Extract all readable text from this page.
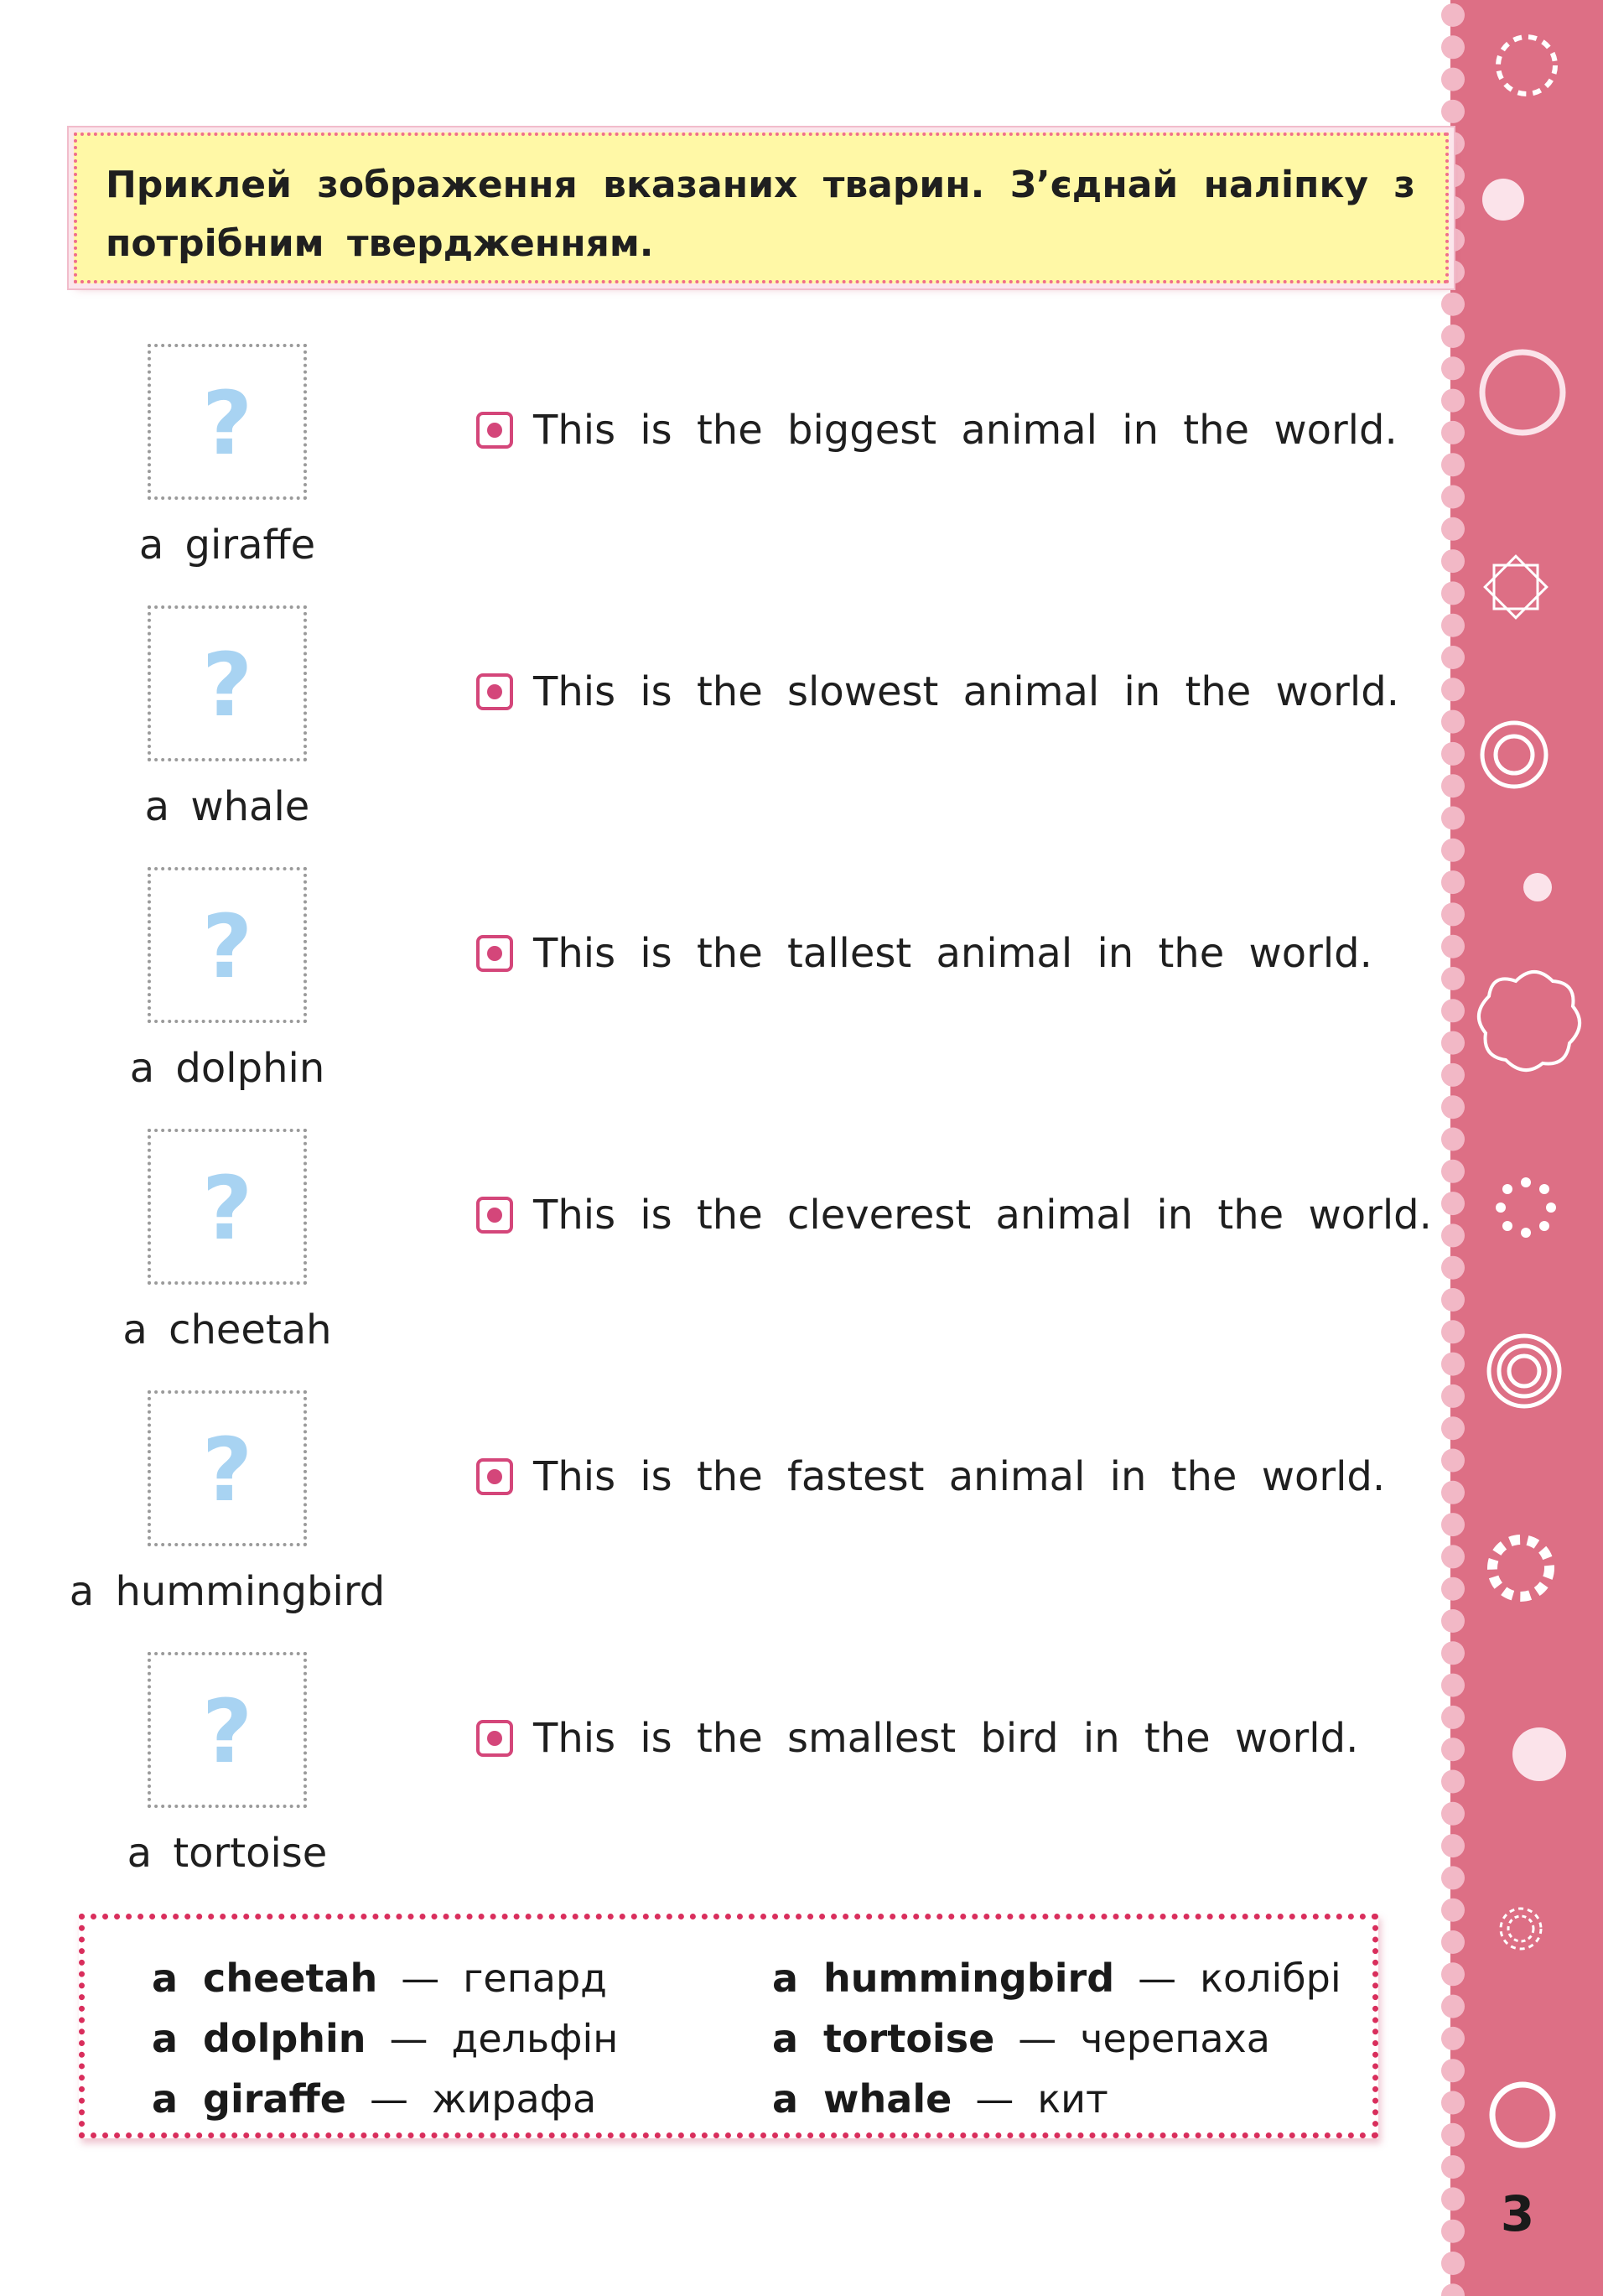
3

Приклей зображення вказаних тварин. З’єднай наліпку з потрібним твердженням.

?
a giraffe
This is the biggest animal in the world.
?
a whale
This is the slowest animal in the world.
?
a dolphin
This is the tallest animal in the world.
?
a cheetah
This is the cleverest animal in the world.
?
a hummingbird
This is the fastest animal in the world.
?
a tortoise
This is the smallest bird in the world.
a cheetah — гепард
a dolphin — дельфін
a giraffe — жирафа
a hummingbird — колібрі
a tortoise — черепаха
a whale — кит
